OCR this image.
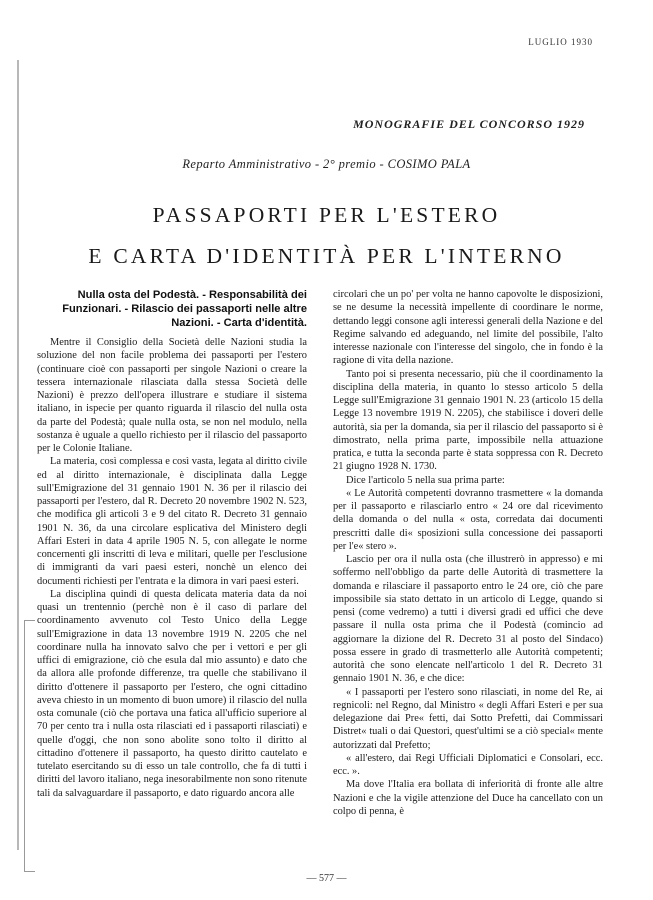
LUGLIO 1930
MONOGRAFIE DEL CONCORSO 1929
Reparto Amministrativo - 2° premio - COSIMO PALA
PASSAPORTI PER L'ESTERO
E CARTA D'IDENTITÀ PER L'INTERNO
Nulla osta del Podestà. - Responsabilità dei Funzionari. - Rilascio dei passaporti nelle altre Nazioni. - Carta d'identità.

Mentre il Consiglio della Società delle Nazioni studia la soluzione del non facile problema dei passaporti per l'estero (continuare cioè con passaporti per singole Nazioni o creare la tessera internazionale rilasciata dalla stessa Società delle Nazioni) è prezzo dell'opera illustrare e studiare il sistema italiano, in ispecie per quanto riguarda il rilascio del nulla osta da parte del Podestà; quale nulla osta, se non nel modulo, nella sostanza è uguale a quello richiesto per il rilascio del passaporto per le Colonie Italiane.

La materia, così complessa e così vasta, legata al diritto civile ed al diritto internazionale, è disciplinata dalla Legge sull'Emigrazione del 31 gennaio 1901 N. 36 per il rilascio dei passaporti per l'estero, dal R. Decreto 20 novembre 1902 N. 523, che modifica gli articoli 3 e 9 del citato R. Decreto 31 gennaio 1901 N. 36, da una circolare esplicativa del Ministero degli Affari Esteri in data 4 aprile 1905 N. 5, con allegate le norme concernenti gli inscritti di leva e militari, quelle per l'esclusione di immigranti da vari paesi esteri, nonchè un elenco dei documenti richiesti per l'entrata e la dimora in vari paesi esteri.

La disciplina quindi di questa delicata materia data da noi quasi un trentennio (perchè non è il caso di parlare del coordinamento avvenuto col Testo Unico della Legge sull'Emigrazione in data 13 novembre 1919 N. 2205 che nel coordinare nulla ha innovato salvo che per i vettori e per gli uffici di emigrazione, ciò che esula dal mio assunto) e dato che da allora alle profonde differenze, tra quelle che stabilivano il diritto d'ottenere il passaporto per l'estero, che ogni cittadino aveva chiesto in un momento di buon umore) il rilascio del nulla osta comunale (ciò che portava una fatica all'ufficio superiore al 70 per cento tra i nulla osta rilasciati ed i passaporti rilasciati) e quelle d'oggi, che non sono abolite sono tolto il diritto al cittadino d'ottenere il passaporto, ha questo diritto cautelato e tutelato esercitando su di esso un tale controllo, che fa di tutti i diritti del lavoro italiano, nega inesorabilmente non sono ritenute tali da salvaguardare il passaporto, e dato riguardo ancora alle

circolari che un po' per volta ne hanno capovolte le disposizioni, se ne desume la necessità impellente di coordinare le norme, dettando leggi consone agli interessi generali della Nazione e del Regime salvando ed adeguando, nel limite del possibile, l'alto interesse nazionale con l'interesse del singolo, che in fondo è la ragione di vita della nazione.

Tanto poi si presenta necessario, più che il coordinamento la disciplina della materia, in quanto lo stesso articolo 5 della Legge sull'Emigrazione 31 gennaio 1901 N. 23 (articolo 15 della Legge 13 novembre 1919 N. 2205), che stabilisce i doveri delle autorità, sia per la domanda, sia per il rilascio del passaporto si è dimostrato, nella prima parte, impossibile nella attuazione pratica, e tutta la seconda parte è stata soppressa con R. Decreto 21 giugno 1928 N. 1730.

Dice l'articolo 5 nella sua prima parte:

« Le Autorità competenti dovranno trasmettere « la domanda per il passaporto e rilasciarlo entro « 24 ore dal ricevimento della domanda o del nulla « osta, corredata dai documenti prescritti dalle di« sposizioni sulla concessione dei passaporti per l'e« stero ».

Lascio per ora il nulla osta (che illustrerò in appresso) e mi soffermo nell'obbligo da parte delle Autorità di trasmettere la domanda e rilasciare il passaporto entro le 24 ore, ciò che pare impossibile sia stato dettato in un articolo di Legge, quando si pensi (come vedremo) a tutti i diversi gradi ed uffici che deve passare il nulla osta prima che il Podestà (comincio ad aggiornare la dizione del R. Decreto 31 al posto del Sindaco) possa essere in grado di trasmetterlo alle Autorità competenti; autorità che sono elencate nell'articolo 1 del R. Decreto 31 gennaio 1901 N. 36, e che dice:

« I passaporti per l'estero sono rilasciati, in nome del Re, ai regnicoli: nel Regno, dal Ministro « degli Affari Esteri e per sua delegazione dai Pre« fetti, dai Sotto Prefetti, dai Commissari Distret« tuali o dai Questori, quest'ultimi se a ciò special« mente autorizzati dal Prefetto;

« all'estero, dai Regi Ufficiali Diplomatici e Consolari, ecc. ecc. ».

Ma dove l'Italia era bollata di inferiorità di fronte alle altre Nazioni e che la vigile attenzione del Duce ha cancellato con un colpo di penna, è

— 577 —
